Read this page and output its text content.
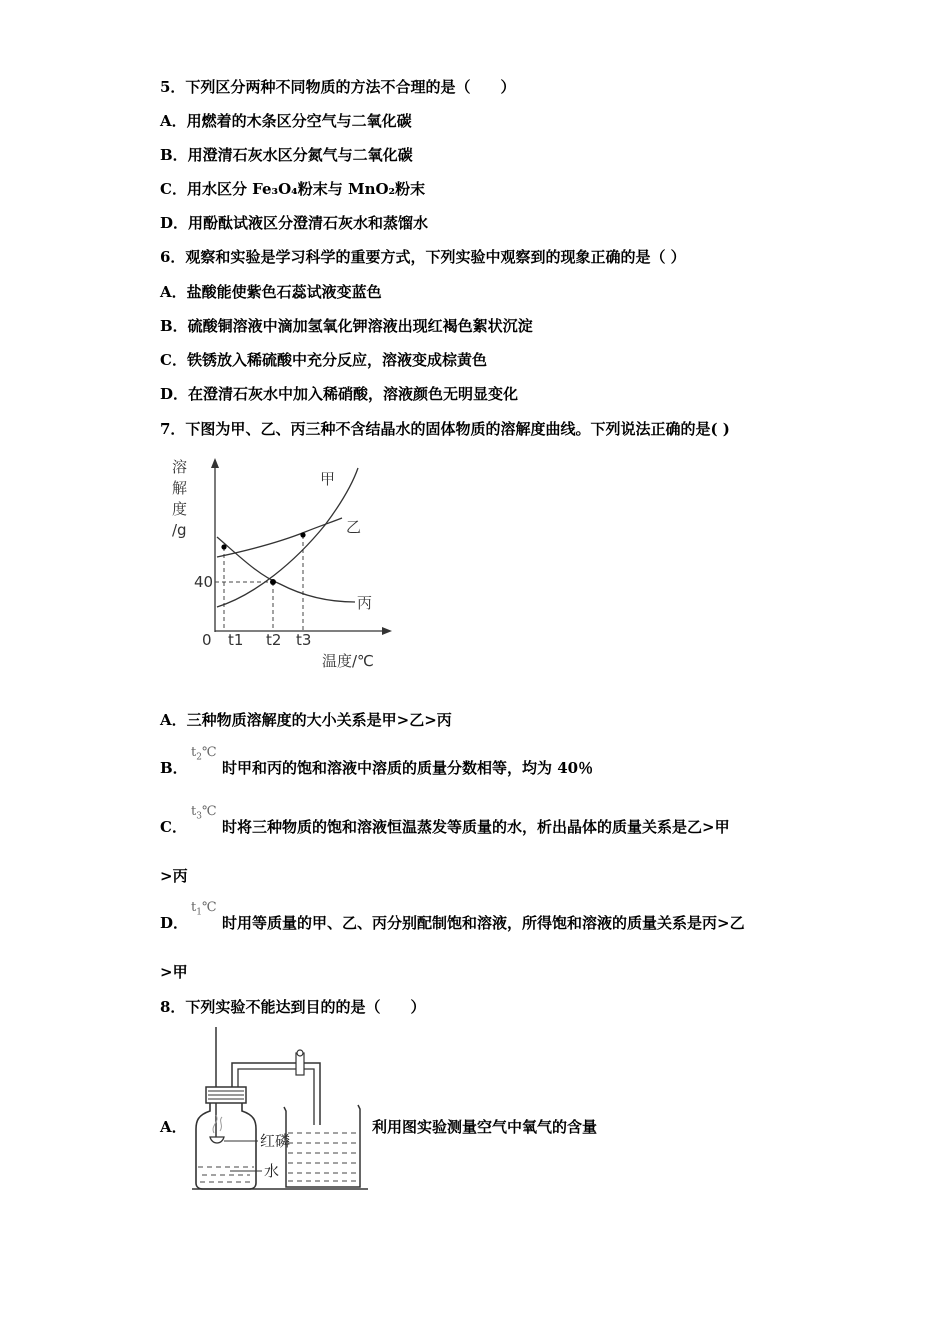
5．下列区分两种不同物质的方法不合理的是（　　）
A．用燃着的木条区分空气与二氧化碳
B．用澄清石灰水区分氮气与二氧化碳
C．用水区分 Fe₃O₄粉末与 MnO₂粉末
D．用酚酞试液区分澄清石灰水和蒸馏水
6．观察和实验是学习科学的重要方式，下列实验中观察到的现象正确的是（ ）
A．盐酸能使紫色石蕊试液变蓝色
B．硫酸铜溶液中滴加氢氧化钾溶液出现红褐色絮状沉淀
C．铁锈放入稀硫酸中充分反应，溶液变成棕黄色
D．在澄清石灰水中加入稀硝酸，溶液颜色无明显变化
7．下图为甲、乙、丙三种不含结晶水的固体物质的溶解度曲线。下列说法正确的是( )
溶
解
度
/g
甲
乙
丙
40
0 t1 t2 t3
温度/℃
A．三种物质溶解度的大小关系是甲>乙>丙
B．
$t_2℃$
时甲和丙的饱和溶液中溶质的质量分数相等，均为 40％
C．
$t_3℃$
时将三种物质的饱和溶液恒温蒸发等质量的水，析出晶体的质量关系是乙>甲
>丙
D．
$t_1℃$
时用等质量的甲、乙、丙分别配制饱和溶液，所得饱和溶液的质量关系是丙>乙
>甲
8．下列实验不能达到目的的是（　　）
A．
红磷
水
利用图实验测量空气中氧气的含量
